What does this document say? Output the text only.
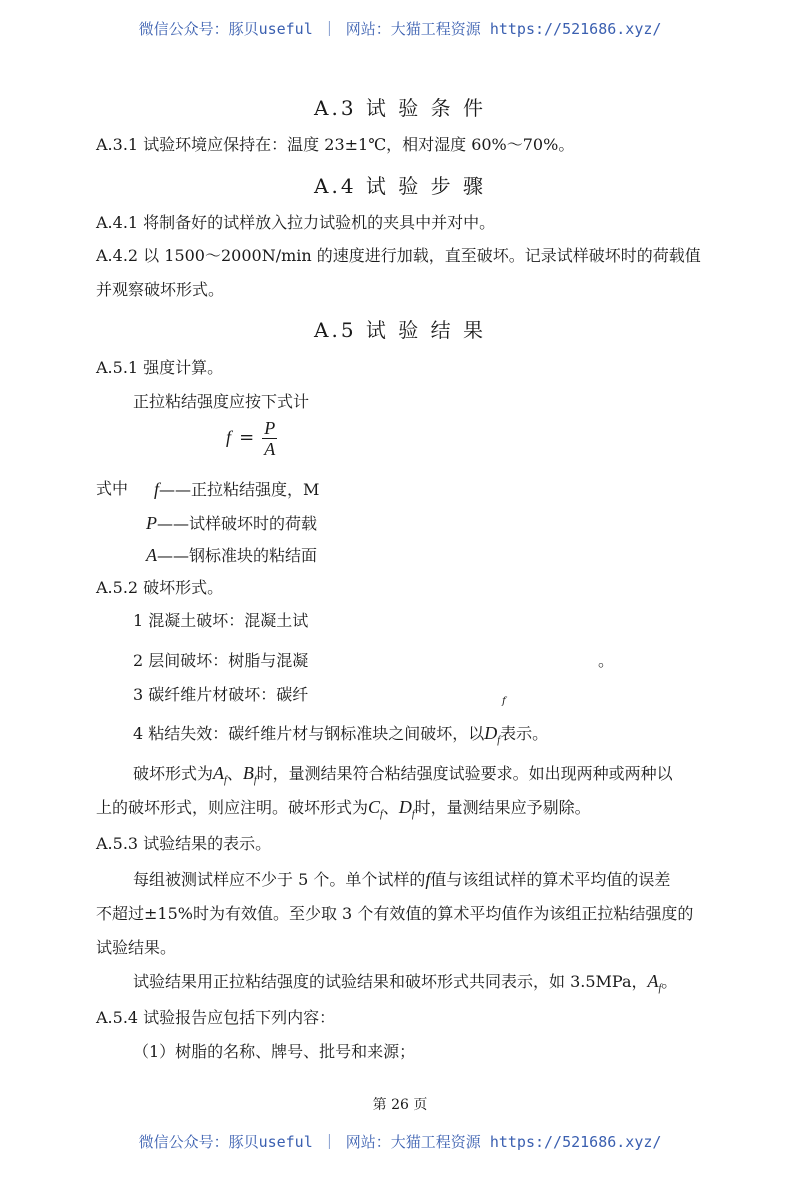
微信公众号：豚贝useful ｜ 网站：大猫工程资源 https://521686.xyz/
A.3 试 验 条 件
A.3.1 试验环境应保持在：温度 23±1℃，相对湿度 60%～70%。
A.4 试 验 步 骤
A.4.1 将制备好的试样放入拉力试验机的夹具中并对中。
A.4.2 以 1500～2000N/min 的速度进行加载，直至破坏。记录试样破坏时的荷载值
并观察破坏形式。
A.5 试 验 结 果
A.5.1 强度计算。
正拉粘结强度应按下式计
$f = \frac{P}{A}$
式中 f——正拉粘结强度，M
P——试样破坏时的荷载
A——钢标准块的粘结面
A.5.2 破坏形式。
1 混凝土破坏：混凝土试
2 层间破坏：树脂与混凝	。
3 碳纤维片材破坏：碳纤	f
4 粘结失效：碳纤维片材与钢标准块之间破坏，以$D_f$表示。
破坏形式为$A_f$、$B_f$时，量测结果符合粘结强度试验要求。如出现两种或两种以
上的破坏形式，则应注明。破坏形式为$C_f$、$D_f$时，量测结果应予剔除。
A.5.3 试验结果的表示。
每组被测试样应不少于 5 个。单个试样的f值与该组试样的算术平均值的误差
不超过±15%时为有效值。至少取 3 个有效值的算术平均值作为该组正拉粘结强度的
试验结果。
试验结果用正拉粘结强度的试验结果和破坏形式共同表示，如 3.5MPa，$A_f$。
A.5.4 试验报告应包括下列内容：
（1）树脂的名称、牌号、批号和来源；
第 26 页
微信公众号：豚贝useful ｜ 网站：大猫工程资源 https://521686.xyz/
